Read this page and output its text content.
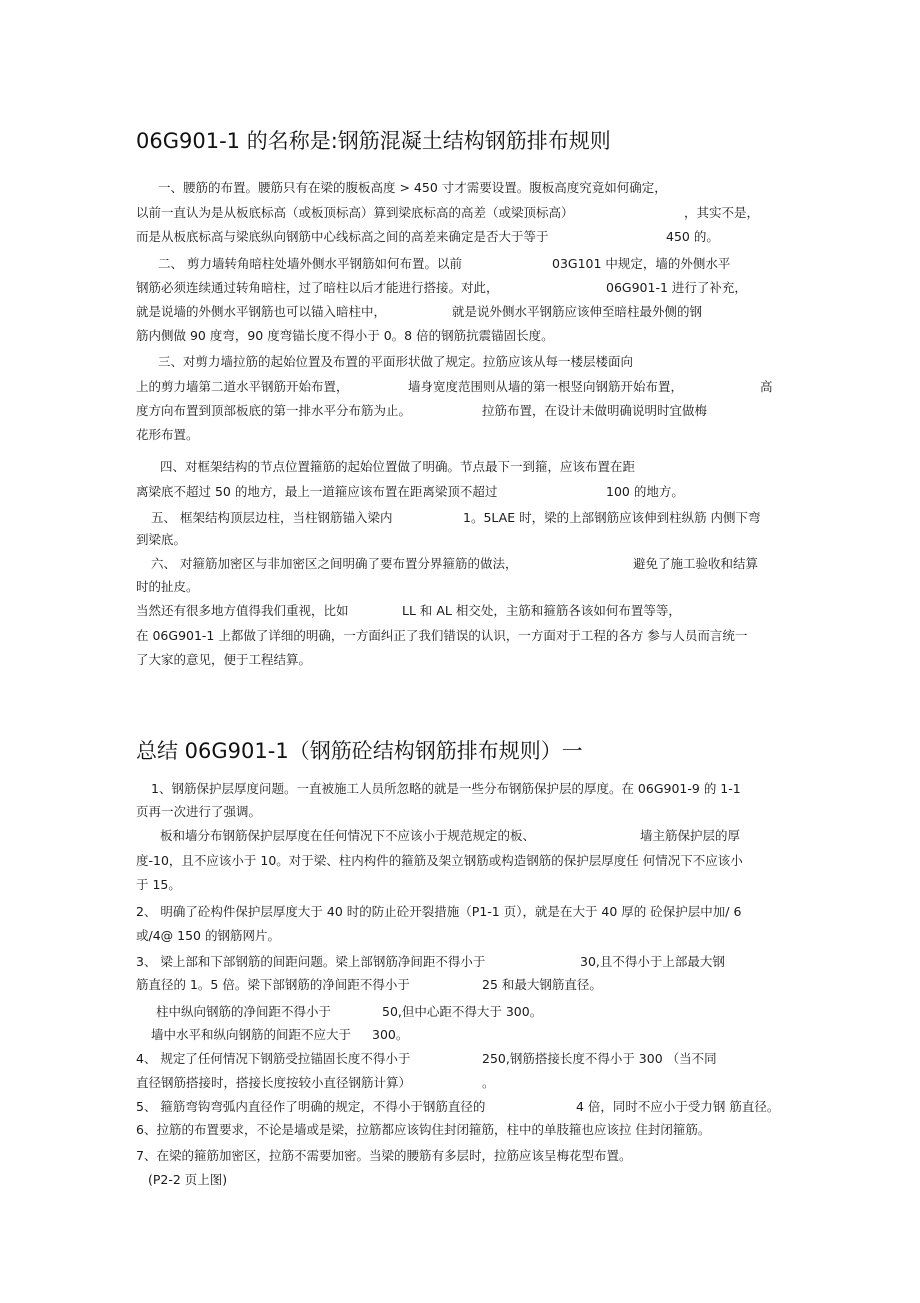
06G901-1 的名称是:钢筋混凝土结构钢筋排布规则
一、腰筋的布置。腰筋只有在梁的腹板高度 > 450 寸才需要设置。腹板高度究竟如何确定，
以前一直认为是从板底标高（或板顶标高）算到梁底标高的高差（或梁顶标高）	，其实不是，
而是从板底标高与梁底纵向钢筋中心线标高之间的高差来确定是否大于等于	450 的。
二、 剪力墙转角暗柱处墙外侧水平钢筋如何布置。以前	03G101 中规定，墙的外侧水平
钢筋必须连续通过转角暗柱，过了暗柱以后才能进行搭接。对此，	06G901-1 进行了补充，
就是说墙的外侧水平钢筋也可以锚入暗柱中，	就是说外侧水平钢筋应该伸至暗柱最外侧的钢
筋内侧做 90 度弯，90 度弯锚长度不得小于 0。8 倍的钢筋抗震锚固长度。
三、对剪力墙拉筋的起始位置及布置的平面形状做了规定。拉筋应该从每一楼层楼面向
上的剪力墙第二道水平钢筋开始布置，	墙身宽度范围则从墙的第一根竖向钢筋开始布置，	高
度方向布置到顶部板底的第一排水平分布筋为止。	拉筋布置，在设计未做明确说明时宜做梅
花形布置。
四、对框架结构的节点位置箍筋的起始位置做了明确。节点最下一到箍，应该布置在距
离梁底不超过 50 的地方，最上一道箍应该布置在距离梁顶不超过	100 的地方。
五、 框架结构顶层边柱，当柱钢筋锚入梁内	1。5LAE 时，梁的上部钢筋应该伸到柱纵筋 内侧下弯
到梁底。
六、 对箍筋加密区与非加密区之间明确了要布置分界箍筋的做法，	避免了施工验收和结算
时的扯皮。
当然还有很多地方值得我们重视，比如	LL 和 AL 相交处，主筋和箍筋各该如何布置等等，
在 06G901-1 上都做了详细的明确，一方面纠正了我们错误的认识，一方面对于工程的各方 参与人员而言统一
了大家的意见，便于工程结算。
总结 06G901-1（钢筋砼结构钢筋排布规则）一
1、钢筋保护层厚度问题。一直被施工人员所忽略的就是一些分布钢筋保护层的厚度。在 06G901-9 的 1-1
页再一次进行了强调。
板和墙分布钢筋保护层厚度在任何情况下不应该小于规范规定的板、	墙主筋保护层的厚
度-10，且不应该小于 10。对于梁、柱内构件的箍筋及架立钢筋或构造钢筋的保护层厚度任 何情况下不应该小
于 15。
2、 明确了砼构件保护层厚度大于 40 时的防止砼开裂措施（P1-1 页），就是在大于 40 厚的 砼保护层中加/ 6
或/4@ 150 的钢筋网片。
3、 梁上部和下部钢筋的间距问题。梁上部钢筋净间距不得小于	30,且不得小于上部最大钢
筋直径的 1。5 倍。梁下部钢筋的净间距不得小于	25 和最大钢筋直径。
柱中纵向钢筋的净间距不得小于	50,但中心距不得大于 300。
墙中水平和纵向钢筋的间距不应大于 300。
4、 规定了任何情况下钢筋受拉锚固长度不得小于	250,钢筋搭接长度不得小于 300 （当不同
直径钢筋搭接时，搭接长度按较小直径钢筋计算）	。
5、 箍筋弯钩弯弧内直径作了明确的规定，不得小于钢筋直径的	4 倍，同时不应小于受力钢 筋直径。
6、拉筋的布置要求，不论是墙或是梁，拉筋都应该钩住封闭箍筋，柱中的单肢箍也应该拉 住封闭箍筋。
7、在梁的箍筋加密区，拉筋不需要加密。当梁的腰筋有多层时，拉筋应该呈梅花型布置。
(P2-2 页上图)
